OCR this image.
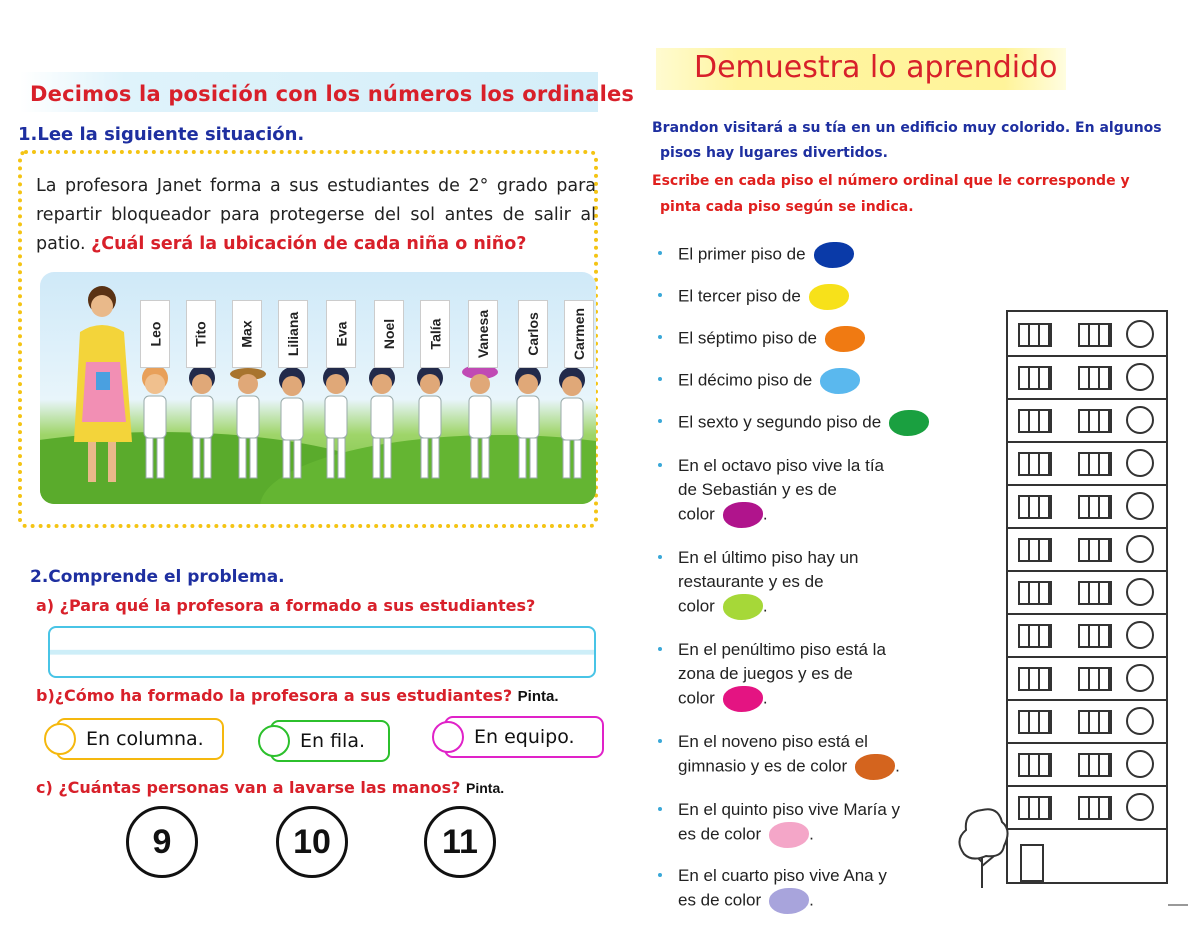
Decimos la posición con los números los ordinales
1.Lee la siguiente situación.
La profesora Janet forma a sus estudiantes de 2° grado para repartir bloqueador para protegerse del sol antes de salir al patio. ¿Cuál será la ubicación de cada niña o niño?
Leo Tito Max Liliana Eva Noel Talía Vanesa Carlos Carmen
2.Comprende el problema.
a) ¿Para qué la profesora a formado a sus estudiantes?
b)¿Cómo ha formado la profesora a sus estudiantes? Pinta.
En columna.	En fila.	En equipo.
c) ¿Cuántas personas van a lavarse las manos? Pinta.
9	10	11
Demuestra lo aprendido
Brandon visitará a su tía en un edificio muy colorido. En algunos
pisos hay lugares divertidos.
Escribe en cada piso el número ordinal que le corresponde y
pinta cada piso según se indica.
El primer piso de
El tercer piso de
El séptimo piso de
El décimo piso de
El sexto y segundo piso de
En el octavo piso vive la tía
de Sebastián y es de
color	.
En el último piso hay un
restaurante y es de
color	.
En el penúltimo piso está la
zona de juegos y es de
color	.
En el noveno piso está el
gimnasio y es de color	.
En el quinto piso vive María y
es de color	.
En el cuarto piso vive Ana y
es de color	.
